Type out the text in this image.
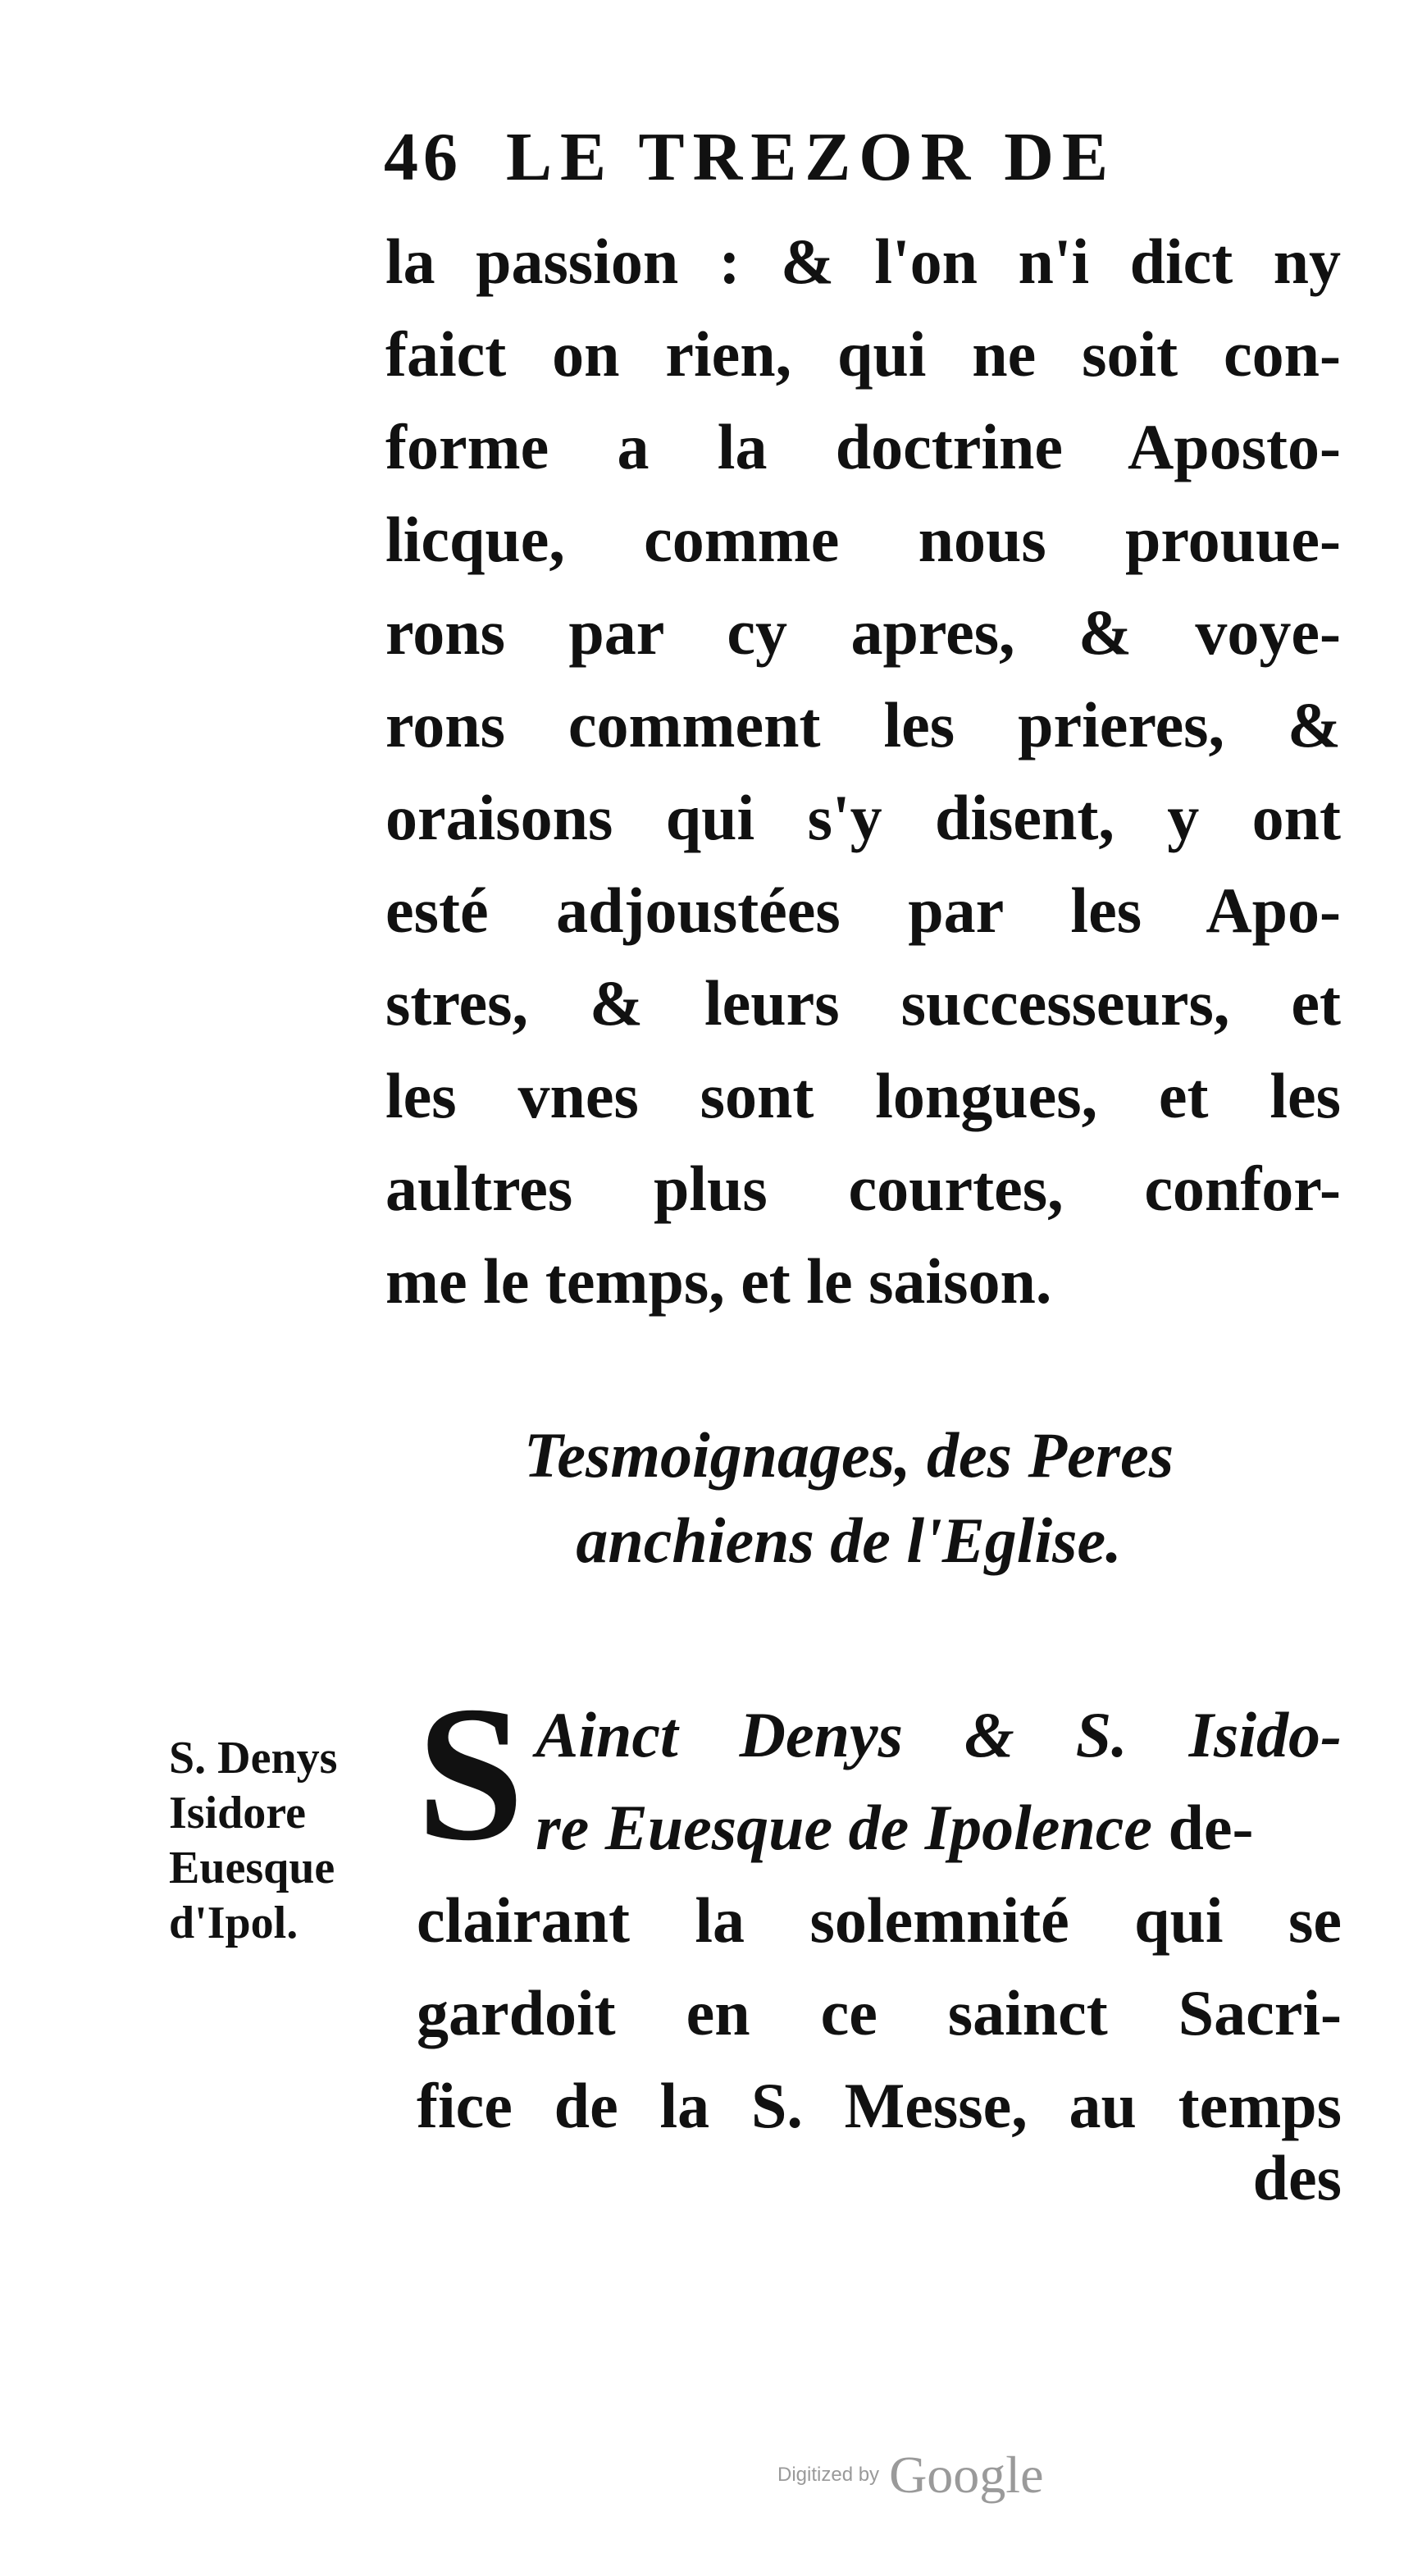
46 LE TREZOR DE
la passion : & l'on n'i dict ny
faict on rien, qui ne soit con-
forme a la doctrine Aposto-
licque, comme nous prouue-
rons par cy apres, & voye-
rons comment les prieres, &
oraisons qui s'y disent, y ont
esté adjoustées par les Apo-
stres, & leurs successeurs, et
les vnes sont longues, et les
aultres plus courtes, confor-
me le temps, et le saison.
Tesmoignages, des Peres
anchiens de l'Eglise.
S. Denys
Isidore
Euesque
d'Ipol.
S Ainct Denys & S. Isido-
re Euesque de Ipolence de-
clairant la solemnité qui se
gardoit en ce sainct Sacri-
fice de la S. Messe, au temps
des
Digitized by Google
